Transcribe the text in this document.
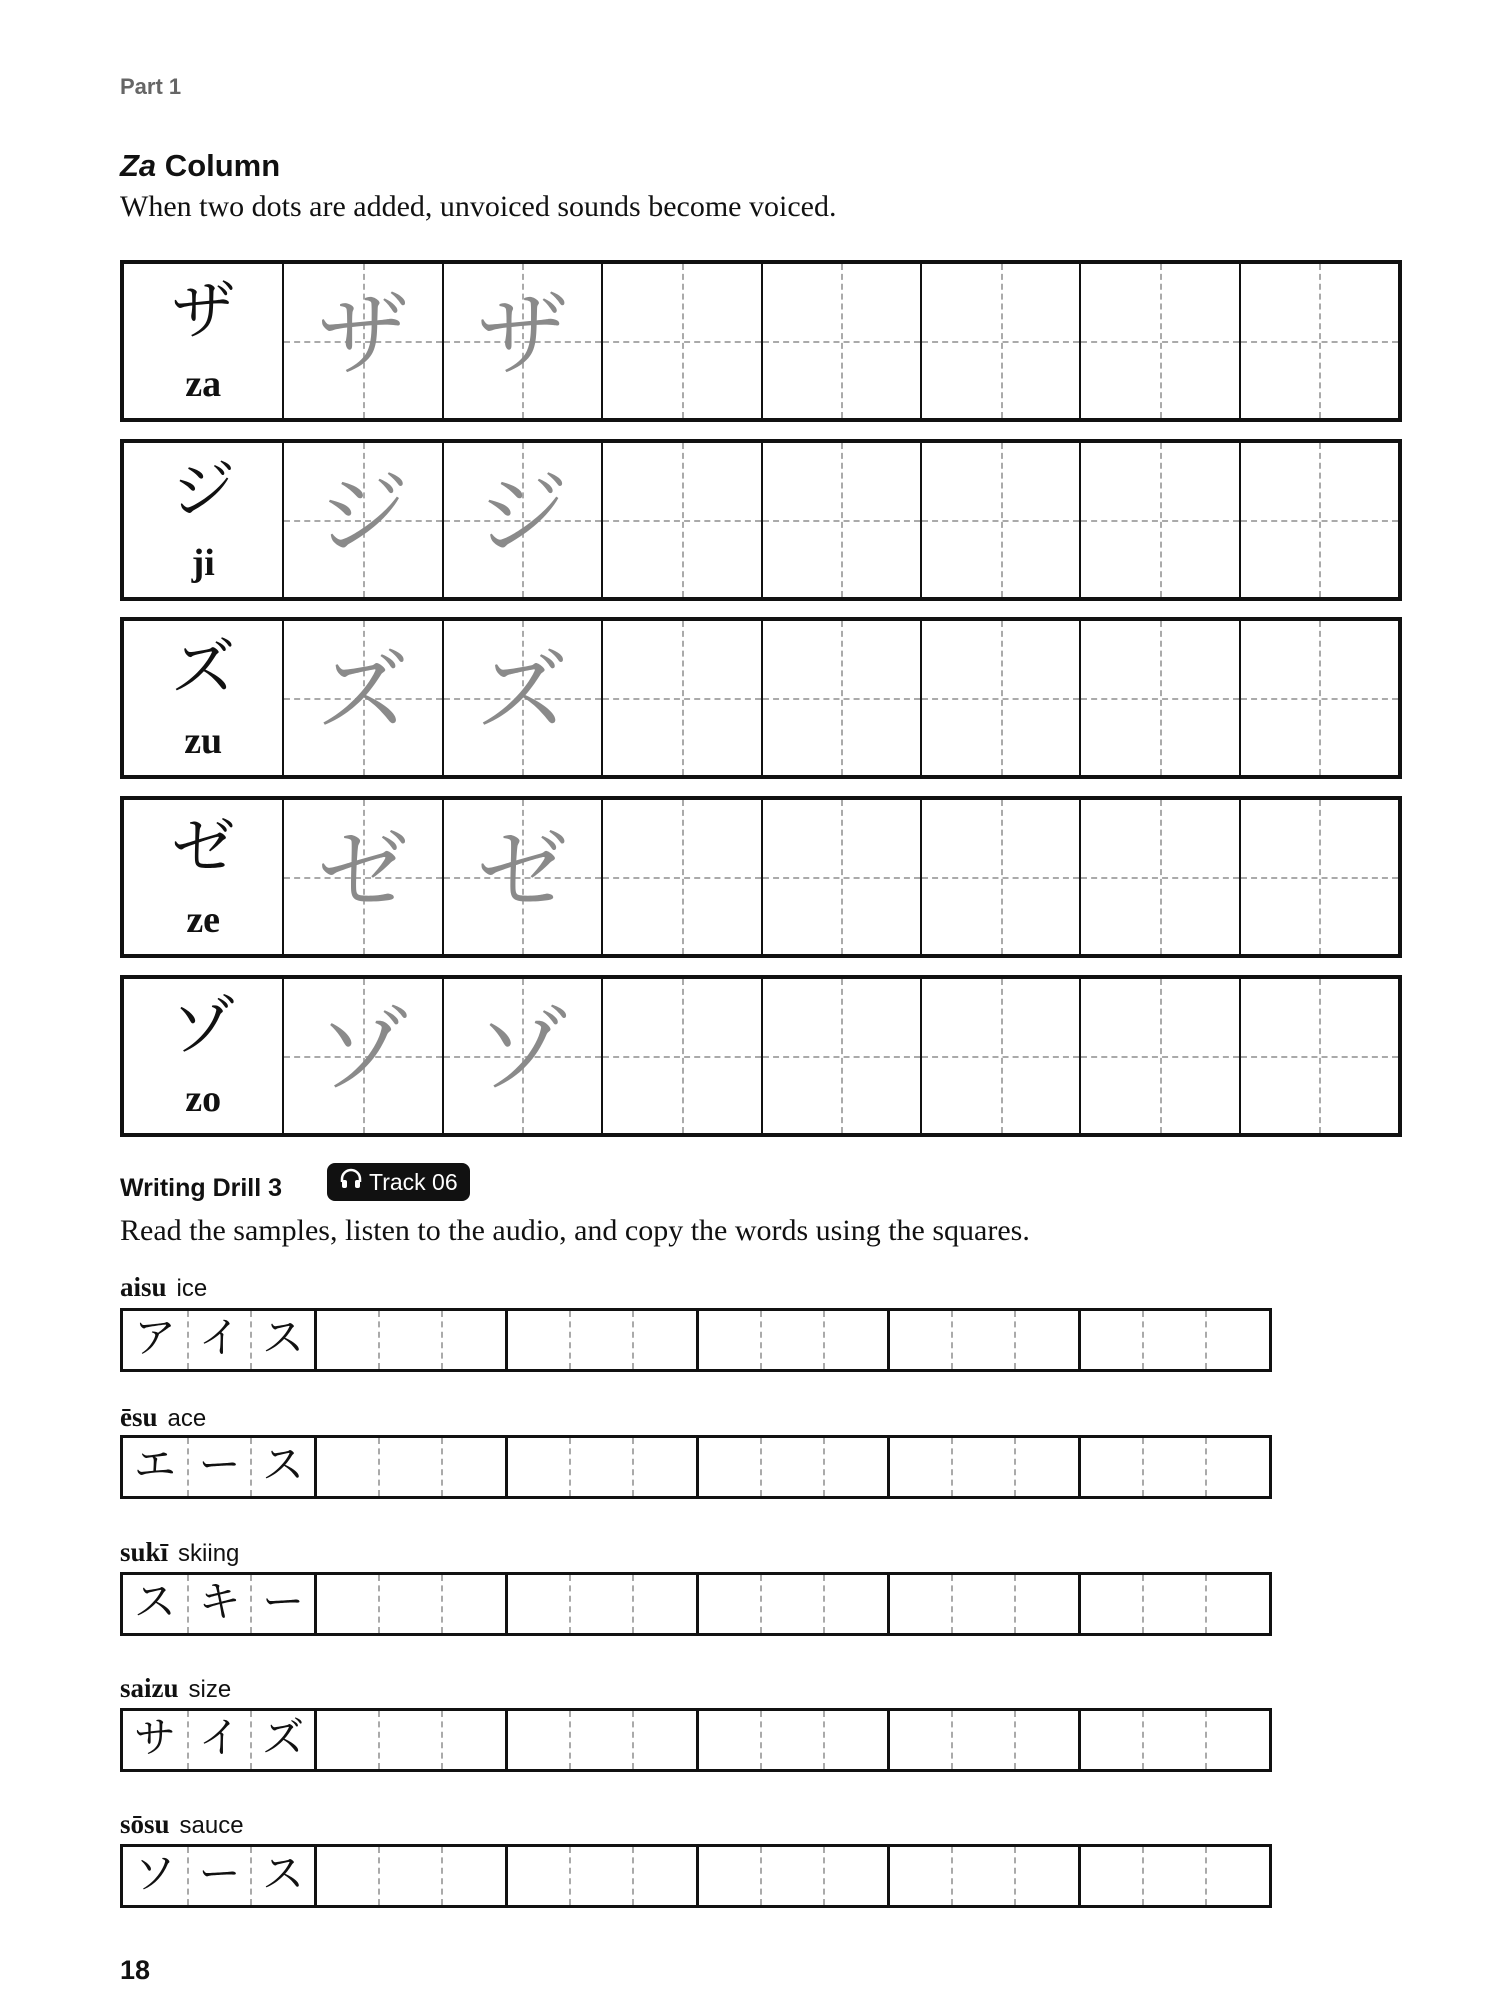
Part 1
Za Column
When two dots are added, unvoiced sounds become voiced.
ザ
za	ザ ザ
ジ
ji	ジ ジ
ズ
zu	ズ ズ
ゼ
ze	ゼ ゼ
ゾ
zo	ゾ ゾ
Writing Drill 3	Track 06
Read the samples, listen to the audio, and copy the words using the squares.
aisu ice
ア イ ス
ēsu ace
エ ー ス
sukī skiing
ス キ ー
saizu size
サ イ ズ
sōsu sauce
ソ ー ス
18
